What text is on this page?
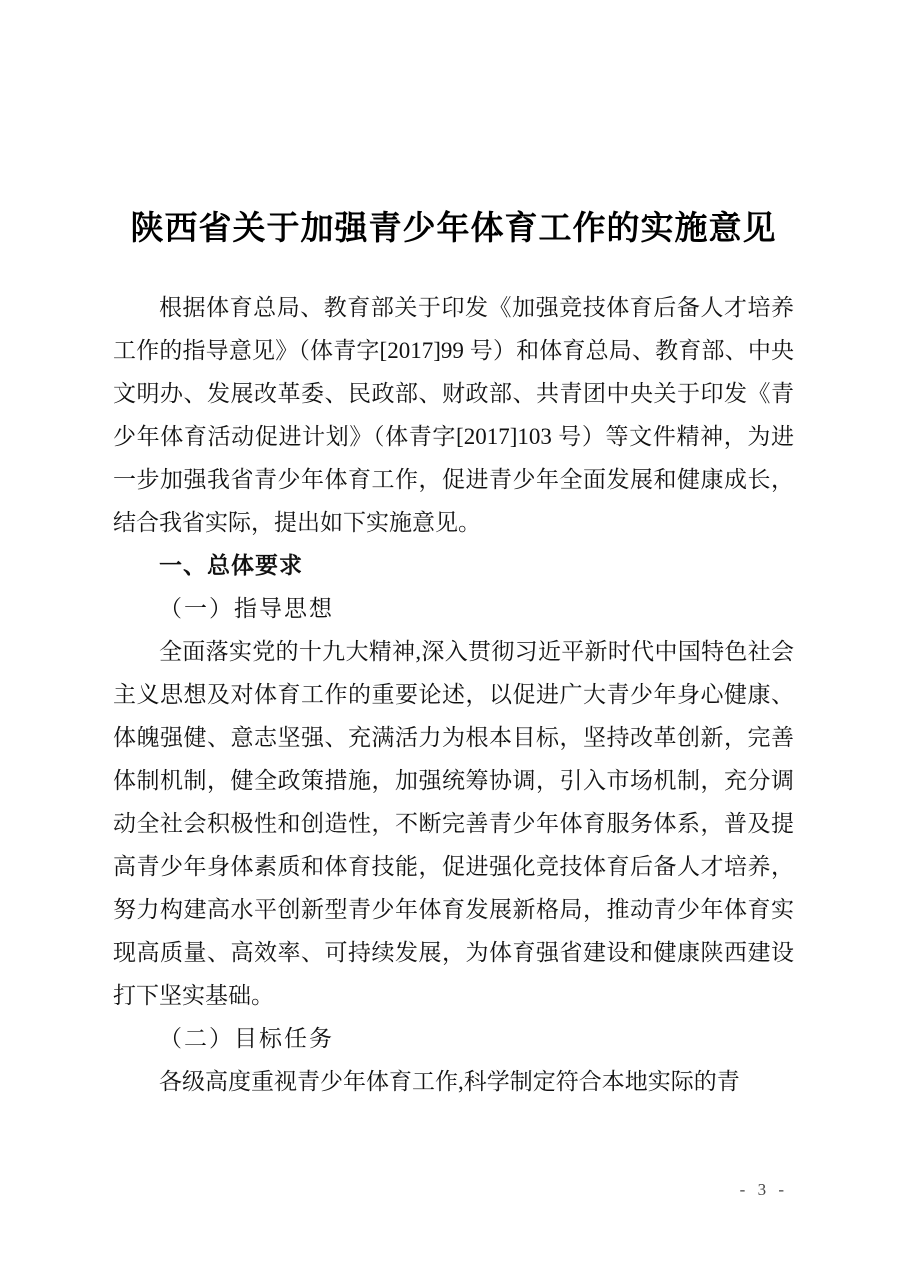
陕西省关于加强青少年体育工作的实施意见

根据体育总局、教育部关于印发《加强竞技体育后备人才培养工作的指导意见》（体青字[2017]99 号）和体育总局、教育部、中央文明办、发展改革委、民政部、财政部、共青团中央关于印发《青少年体育活动促进计划》（体青字[2017]103 号）等文件精神，为进一步加强我省青少年体育工作，促进青少年全面发展和健康成长，结合我省实际，提出如下实施意见。

一、总体要求

（一）指导思想

全面落实党的十九大精神,深入贯彻习近平新时代中国特色社会主义思想及对体育工作的重要论述，以促进广大青少年身心健康、体魄强健、意志坚强、充满活力为根本目标，坚持改革创新，完善体制机制，健全政策措施，加强统筹协调，引入市场机制，充分调动全社会积极性和创造性，不断完善青少年体育服务体系，普及提高青少年身体素质和体育技能，促进强化竞技体育后备人才培养，努力构建高水平创新型青少年体育发展新格局，推动青少年体育实现高质量、高效率、可持续发展，为体育强省建设和健康陕西建设打下坚实基础。

（二）目标任务

各级高度重视青少年体育工作,科学制定符合本地实际的青

- 3 -
